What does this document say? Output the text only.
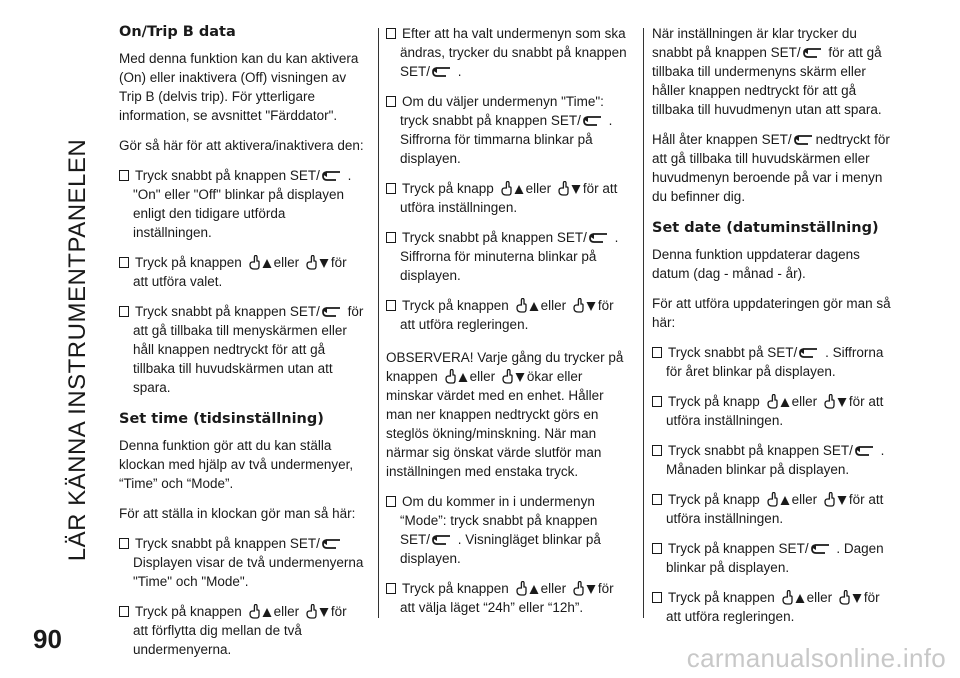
LÄR KÄNNA INSTRUMENTPANELEN
90
carmanualsonline.info
On/Trip B data

Med denna funktion kan du kan aktivera (On) eller inaktivera (Off) visningen av Trip B (delvis trip). För ytterligare information, se avsnittet "Färddator".

Gör så här för att aktivera/inaktivera den:

Tryck snabbt på knappen SET/ . "On" eller "Off" blinkar på displayen enligt den tidigare utförda inställningen.

Tryck på knappen eller för att utföra valet.

Tryck snabbt på knappen SET/ för att gå tillbaka till menyskärmen eller håll knappen nedtryckt för att gå tillbaka till huvudskärmen utan att spara.

Set time (tidsinställning)

Denna funktion gör att du kan ställa klockan med hjälp av två undermenyer, “Time” och “Mode”.

För att ställa in klockan gör man så här:

Tryck snabbt på knappen SET/
Displayen visar de två undermenyerna "Time" och "Mode".

Tryck på knappen eller för att förflytta dig mellan de två undermenyerna.

Efter att ha valt undermenyn som ska ändras, trycker du snabbt på knappen SET/ .

Om du väljer undermenyn "Time": tryck snabbt på knappen SET/ . Siffrorna för timmarna blinkar på displayen.

Tryck på knapp eller för att utföra inställningen.

Tryck snabbt på knappen SET/ . Siffrorna för minuterna blinkar på displayen.

Tryck på knappen eller för att utföra regleringen.

OBSERVERA! Varje gång du trycker på knappen eller ökar eller minskar värdet med en enhet. Håller man ner knappen nedtryckt görs en steglös ökning/minskning. När man närmar sig önskat värde slutför man inställningen med enstaka tryck.

Om du kommer in i undermenyn “Mode”: tryck snabbt på knappen SET/ . Visningläget blinkar på displayen.

Tryck på knappen eller för att välja läget “24h” eller “12h”.

När inställningen är klar trycker du snabbt på knappen SET/ för att gå tillbaka till undermenyns skärm eller håller knappen nedtryckt för att gå tillbaka till huvudmenyn utan att spara.

Håll åter knappen SET/ nedtryckt för att gå tillbaka till huvudskärmen eller huvudmenyn beroende på var i menyn du befinner dig.

Set date (datuminställning)

Denna funktion uppdaterar dagens datum (dag - månad - år).

För att utföra uppdateringen gör man så här:

Tryck snabbt på SET/ . Siffrorna för året blinkar på displayen.

Tryck på knapp eller för att utföra inställningen.

Tryck snabbt på knappen SET/ . Månaden blinkar på displayen.

Tryck på knapp eller för att utföra inställningen.

Tryck på knappen SET/ . Dagen blinkar på displayen.

Tryck på knappen eller för att utföra regleringen.
